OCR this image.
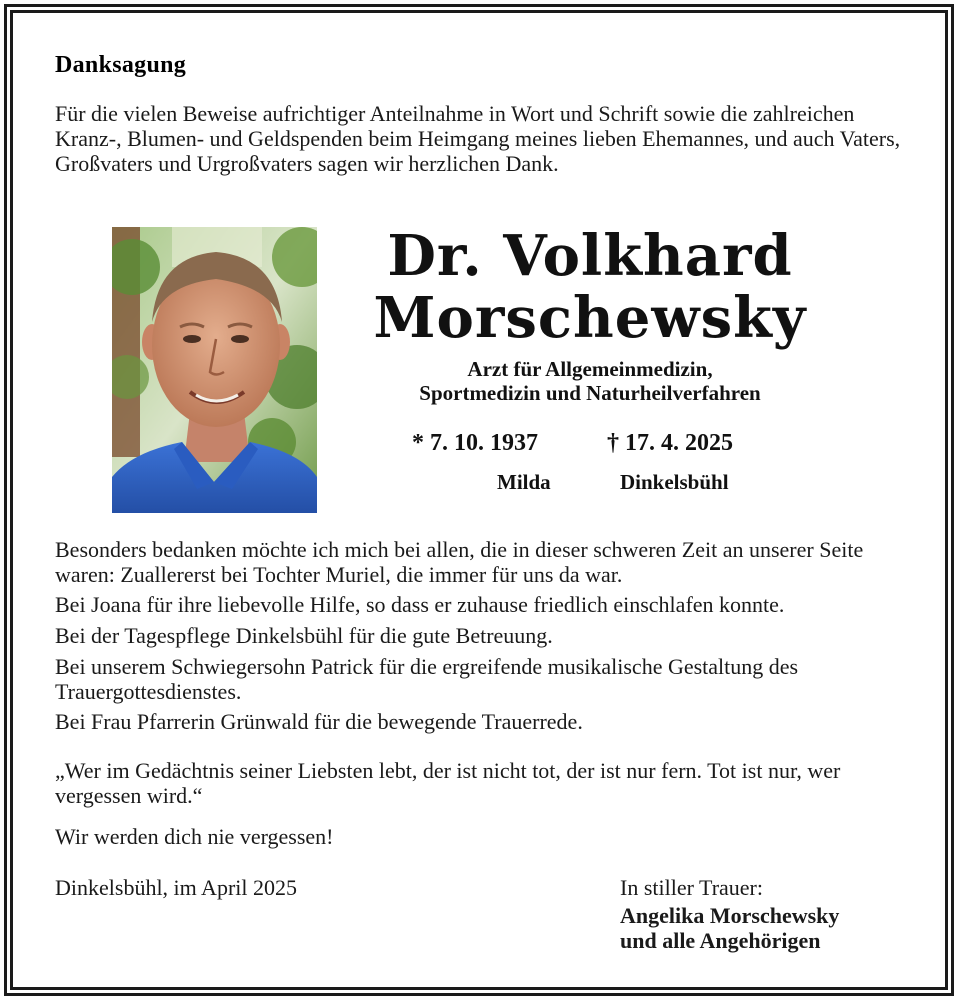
Danksagung

Für die vielen Beweise aufrichtiger Anteilnahme in Wort und Schrift sowie die zahlreichen Kranz-, Blumen- und Geldspenden beim Heimgang meines lieben Ehemannes, und auch Vaters, Großvaters und Urgroßvaters sagen wir herzlichen Dank.

Dr. Volkhard
Morschewsky
Arzt für Allgemeinmedizin,
Sportmedizin und Naturheilverfahren
* 7. 10. 1937	† 17. 4. 2025
Milda	Dinkelsbühl

Besonders bedanken möchte ich mich bei allen, die in dieser schweren Zeit an unserer Seite waren: Zuallererst bei Tochter Muriel, die immer für uns da war.

Bei Joana für ihre liebevolle Hilfe, so dass er zuhause friedlich einschlafen konnte.

Bei der Tagespflege Dinkelsbühl für die gute Betreuung.

Bei unserem Schwiegersohn Patrick für die ergreifende musikalische Gestaltung des Trauergottesdienstes.

Bei Frau Pfarrerin Grünwald für die bewegende Trauerrede.

„Wer im Gedächtnis seiner Liebsten lebt, der ist nicht tot, der ist nur fern. Tot ist nur, wer vergessen wird.“

Wir werden dich nie vergessen!

Dinkelsbühl, im April 2025	In stiller Trauer:
Angelika Morschewsky
und alle Angehörigen
